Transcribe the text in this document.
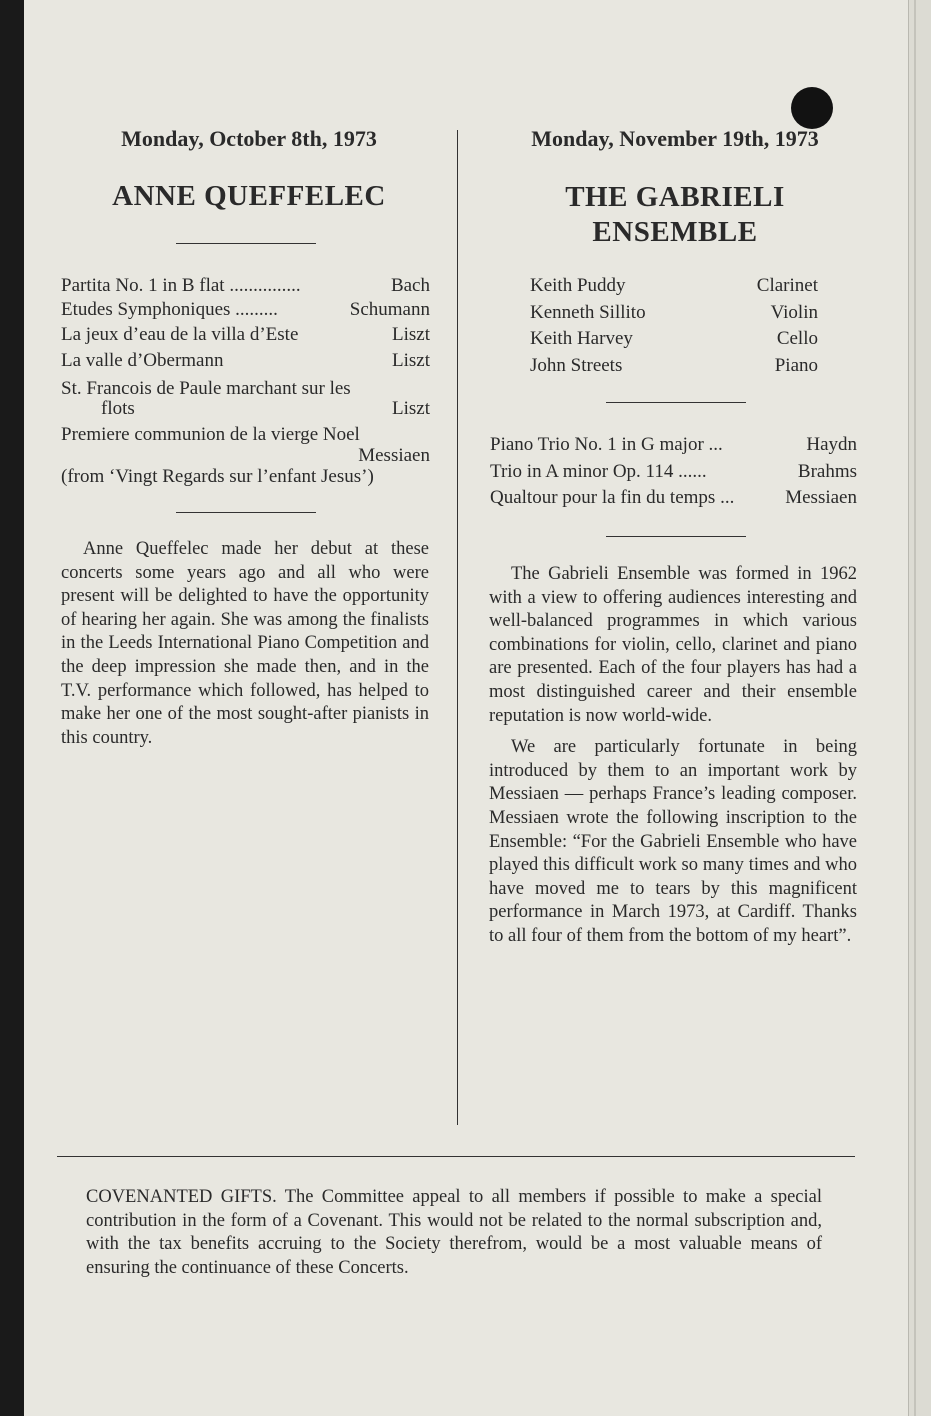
Monday, October 8th, 1973
ANNE QUEFFELEC
Partita No. 1 in B flat ...............	Bach
Etudes Symphoniques .........	Schumann
La jeux d’eau de la villa d’Este	Liszt
La valle d’Obermann	Liszt
St. Francois de Paule marchant sur les
flots	Liszt
Premiere communion de la vierge Noel
Messiaen
(from ‘Vingt Regards sur l’enfant Jesus’)

Anne Queffelec made her debut at these concerts some years ago and all who were present will be delighted to have the opportunity of hearing her again. She was among the finalists in the Leeds International Piano Competition and the deep impression she made then, and in the T.V. performance which followed, has helped to make her one of the most sought-after pianists in this country.

Monday, November 19th, 1973
THE GABRIELI
ENSEMBLE
Keith Puddy	Clarinet
Kenneth Sillito	Violin
Keith Harvey	Cello
John Streets	Piano
Piano Trio No. 1 in G major ...	Haydn
Trio in A minor Op. 114 ......	Brahms
Qualtour pour la fin du temps ...	Messiaen

The Gabrieli Ensemble was formed in 1962 with a view to offering audiences interesting and well-balanced programmes in which various combinations for violin, cello, clarinet and piano are presented. Each of the four players has had a most distinguished career and their ensemble reputation is now world-wide.

We are particularly fortunate in being introduced by them to an important work by Messiaen — perhaps France’s leading composer. Messiaen wrote the following inscription to the Ensemble: “For the Gabrieli Ensemble who have played this difficult work so many times and who have moved me to tears by this magnificent performance in March 1973, at Cardiff. Thanks to all four of them from the bottom of my heart”.

COVENANTED GIFTS. The Committee appeal to all members if possible to make a special contribution in the form of a Covenant. This would not be related to the normal subscription and, with the tax benefits accruing to the Society therefrom, would be a most valuable means of ensuring the continuance of these Concerts.
